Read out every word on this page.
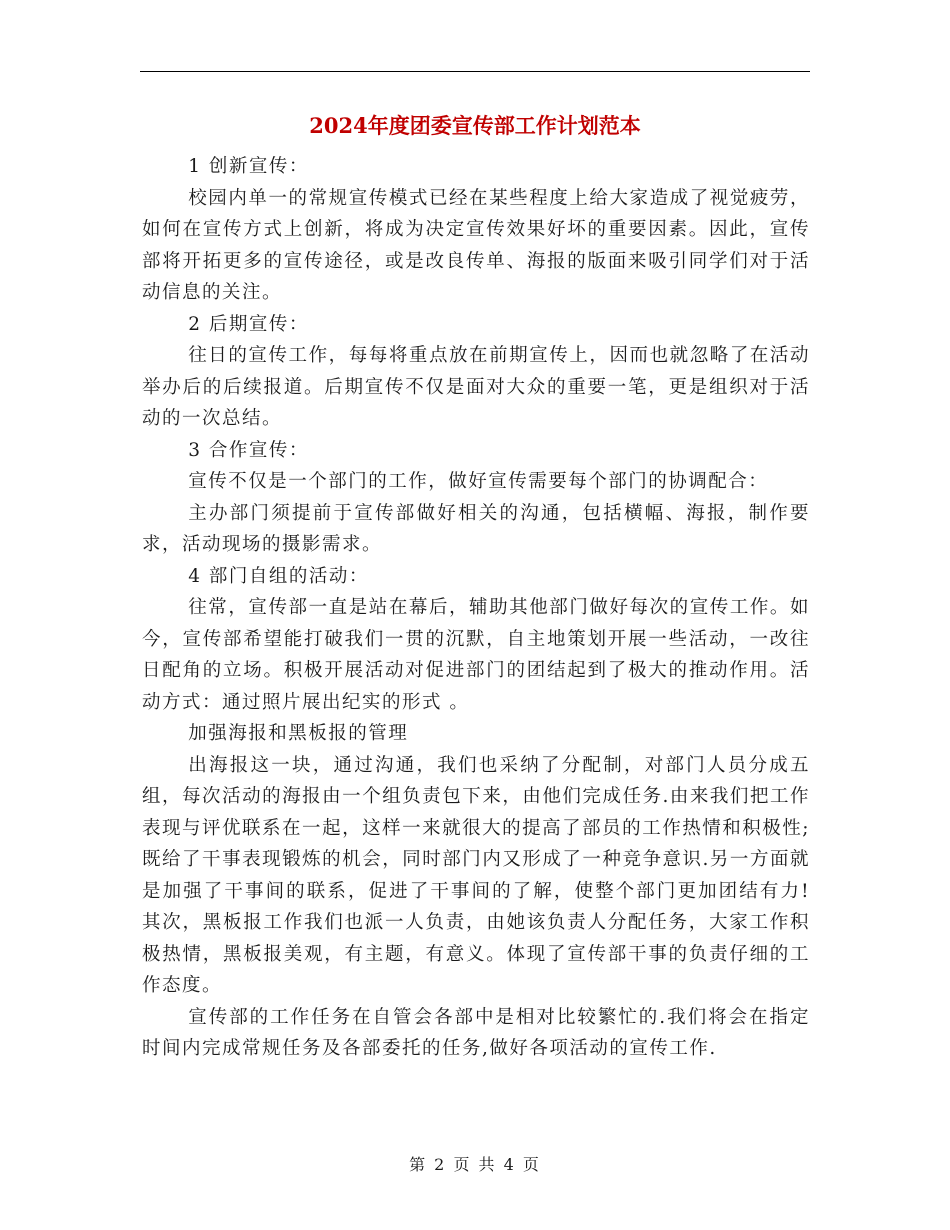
2024年度团委宣传部工作计划范本

1 创新宣传：

校园内单一的常规宣传模式已经在某些程度上给大家造成了视觉疲劳，如何在宣传方式上创新，将成为决定宣传效果好坏的重要因素。因此，宣传部将开拓更多的宣传途径，或是改良传单、海报的版面来吸引同学们对于活动信息的关注。

2 后期宣传：

往日的宣传工作，每每将重点放在前期宣传上，因而也就忽略了在活动举办后的后续报道。后期宣传不仅是面对大众的重要一笔，更是组织对于活动的一次总结。

3 合作宣传：

宣传不仅是一个部门的工作，做好宣传需要每个部门的协调配合：

主办部门须提前于宣传部做好相关的沟通，包括横幅、海报，制作要求，活动现场的摄影需求。

4 部门自组的活动：

往常，宣传部一直是站在幕后，辅助其他部门做好每次的宣传工作。如今，宣传部希望能打破我们一贯的沉默，自主地策划开展一些活动，一改往日配角的立场。积极开展活动对促进部门的团结起到了极大的推动作用。活动方式：通过照片展出纪实的形式 。

加强海报和黑板报的管理

出海报这一块，通过沟通，我们也采纳了分配制，对部门人员分成五组，每次活动的海报由一个组负责包下来，由他们完成任务.由来我们把工作表现与评优联系在一起，这样一来就很大的提高了部员的工作热情和积极性;既给了干事表现锻炼的机会，同时部门内又形成了一种竞争意识.另一方面就是加强了干事间的联系，促进了干事间的了解，使整个部门更加团结有力!其次，黑板报工作我们也派一人负责，由她该负责人分配任务，大家工作积极热情，黑板报美观，有主题，有意义。体现了宣传部干事的负责仔细的工作态度。

宣传部的工作任务在自管会各部中是相对比较繁忙的.我们将会在指定时间内完成常规任务及各部委托的任务,做好各项活动的宣传工作.

第 2 页 共 4 页
